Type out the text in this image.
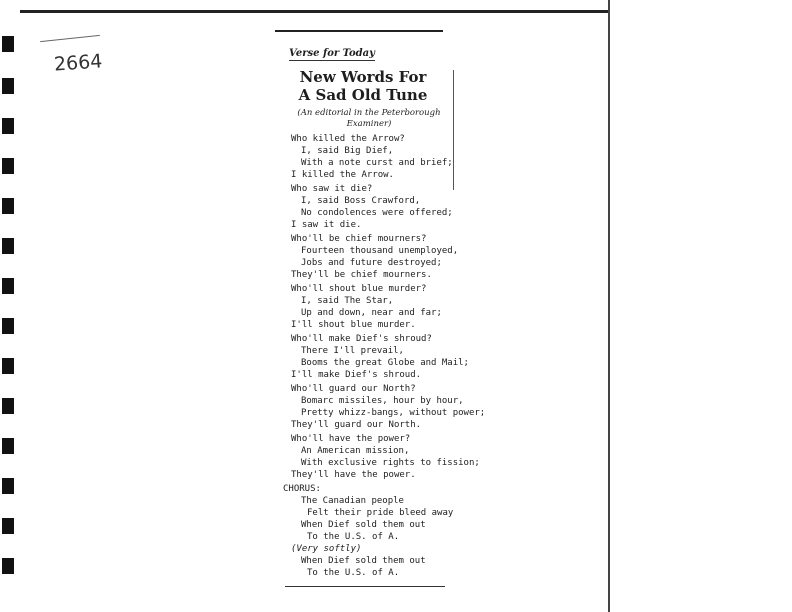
2664	Verse for Today
New Words For
A Sad Old Tune
(An editorial in the Peterborough
Examiner)
Who killed the Arrow?
I, said Big Dief,
With a note curst and brief;
I killed the Arrow.
Who saw it die?
I, said Boss Crawford,
No condolences were offered;
I saw it die.
Who'll be chief mourners?
Fourteen thousand unemployed,
Jobs and future destroyed;
They'll be chief mourners.
Who'll shout blue murder?
I, said The Star,
Up and down, near and far;
I'll shout blue murder.
Who'll make Dief's shroud?
There I'll prevail,
Booms the great Globe and Mail;
I'll make Dief's shroud.
Who'll guard our North?
Bomarc missiles, hour by hour,
Pretty whizz-bangs, without power;
They'll guard our North.
Who'll have the power?
An American mission,
With exclusive rights to fission;
They'll have the power.
CHORUS:
The Canadian people
Felt their pride bleed away
When Dief sold them out
To the U.S. of A.
(Very softly)
When Dief sold them out
To the U.S. of A.
